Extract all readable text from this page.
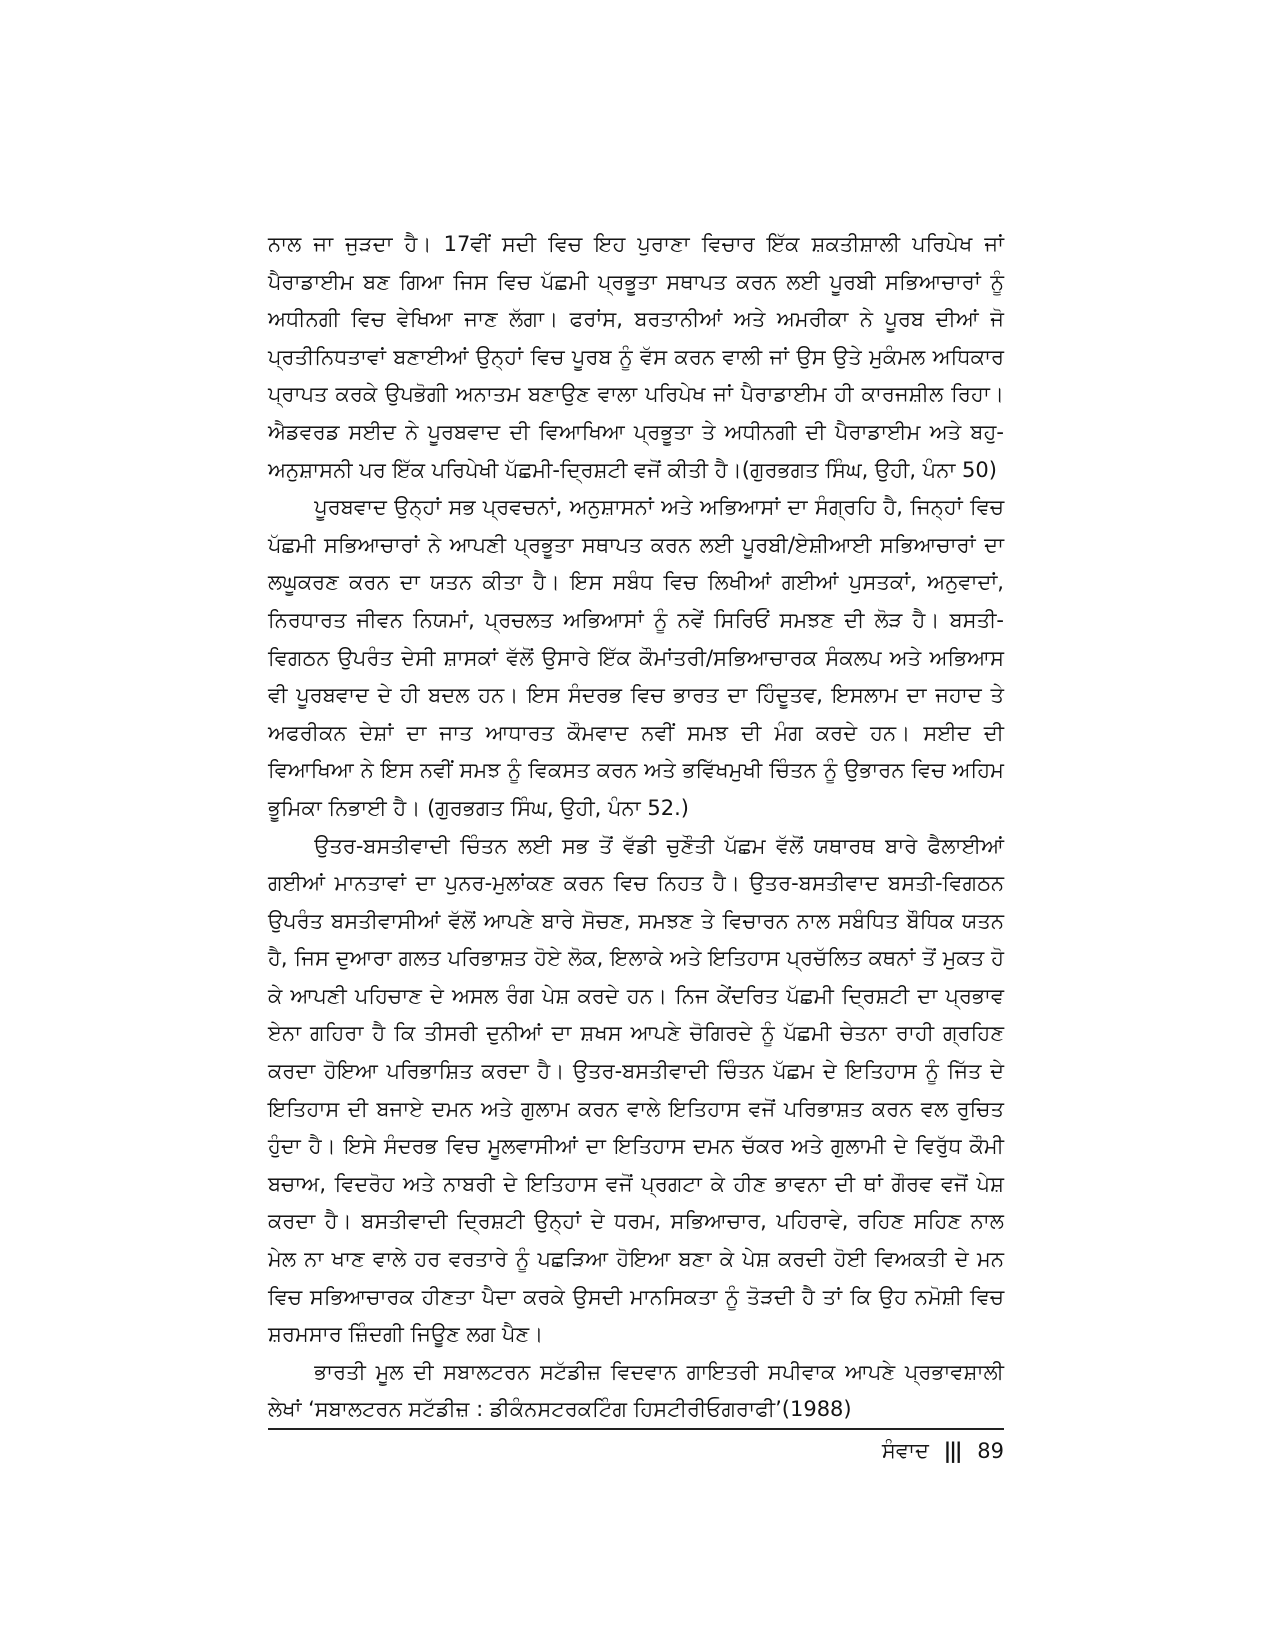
ਨਾਲ ਜਾ ਜੁੜਦਾ ਹੈ। 17ਵੀਂ ਸਦੀ ਵਿਚ ਇਹ ਪੁਰਾਣਾ ਵਿਚਾਰ ਇੱਕ ਸ਼ਕਤੀਸ਼ਾਲੀ ਪਰਿਪੇਖ ਜਾਂ ਪੈਰਾਡਾਈਮ ਬਣ ਗਿਆ ਜਿਸ ਵਿਚ ਪੱਛਮੀ ਪ੍ਰਭੂਤਾ ਸਥਾਪਤ ਕਰਨ ਲਈ ਪੂਰਬੀ ਸਭਿਆਚਾਰਾਂ ਨੂੰ ਅਧੀਨਗੀ ਵਿਚ ਵੇਖਿਆ ਜਾਣ ਲੱਗਾ। ਫਰਾਂਸ, ਬਰਤਾਨੀਆਂ ਅਤੇ ਅਮਰੀਕਾ ਨੇ ਪੂਰਬ ਦੀਆਂ ਜੋ ਪ੍ਰਤੀਨਿਧਤਾਵਾਂ ਬਣਾਈਆਂ ਉਨ੍ਹਾਂ ਵਿਚ ਪੂਰਬ ਨੂੰ ਵੱਸ ਕਰਨ ਵਾਲੀ ਜਾਂ ਉਸ ਉਤੇ ਮੁਕੰਮਲ ਅਧਿਕਾਰ ਪ੍ਰਾਪਤ ਕਰਕੇ ਉਪਭੋਗੀ ਅਨਾਤਮ ਬਣਾਉਣ ਵਾਲਾ ਪਰਿਪੇਖ ਜਾਂ ਪੈਰਾਡਾਈਮ ਹੀ ਕਾਰਜਸ਼ੀਲ ਰਿਹਾ। ਐਡਵਰਡ ਸਈਦ ਨੇ ਪੂਰਬਵਾਦ ਦੀ ਵਿਆਖਿਆ ਪ੍ਰਭੂਤਾ ਤੇ ਅਧੀਨਗੀ ਦੀ ਪੈਰਾਡਾਈਮ ਅਤੇ ਬਹੁ-ਅਨੁਸ਼ਾਸਨੀ ਪਰ ਇੱਕ ਪਰਿਪੇਖੀ ਪੱਛਮੀ-ਦ੍ਰਿਸ਼ਟੀ ਵਜੋਂ ਕੀਤੀ ਹੈ।(ਗੁਰਭਗਤ ਸਿੰਘ, ਉਹੀ, ਪੰਨਾ 50)

ਪੂਰਬਵਾਦ ਉਨ੍ਹਾਂ ਸਭ ਪ੍ਰਵਚਨਾਂ, ਅਨੁਸ਼ਾਸਨਾਂ ਅਤੇ ਅਭਿਆਸਾਂ ਦਾ ਸੰਗ੍ਰਹਿ ਹੈ, ਜਿਨ੍ਹਾਂ ਵਿਚ ਪੱਛਮੀ ਸਭਿਆਚਾਰਾਂ ਨੇ ਆਪਣੀ ਪ੍ਰਭੂਤਾ ਸਥਾਪਤ ਕਰਨ ਲਈ ਪੂਰਬੀ/ਏਸ਼ੀਆਈ ਸਭਿਆਚਾਰਾਂ ਦਾ ਲਘੂਕਰਣ ਕਰਨ ਦਾ ਯਤਨ ਕੀਤਾ ਹੈ। ਇਸ ਸਬੰਧ ਵਿਚ ਲਿਖੀਆਂ ਗਈਆਂ ਪੁਸਤਕਾਂ, ਅਨੁਵਾਦਾਂ, ਨਿਰਧਾਰਤ ਜੀਵਨ ਨਿਯਮਾਂ, ਪ੍ਰਚਲਤ ਅਭਿਆਸਾਂ ਨੂੰ ਨਵੇਂ ਸਿਰਿਓਂ ਸਮਝਣ ਦੀ ਲੋੜ ਹੈ। ਬਸਤੀ-ਵਿਗਠਨ ਉਪਰੰਤ ਦੇਸੀ ਸ਼ਾਸਕਾਂ ਵੱਲੋਂ ਉਸਾਰੇ ਇੱਕ ਕੌਮਾਂਤਰੀ/ਸਭਿਆਚਾਰਕ ਸੰਕਲਪ ਅਤੇ ਅਭਿਆਸ ਵੀ ਪੂਰਬਵਾਦ ਦੇ ਹੀ ਬਦਲ ਹਨ। ਇਸ ਸੰਦਰਭ ਵਿਚ ਭਾਰਤ ਦਾ ਹਿੰਦੂਤਵ, ਇਸਲਾਮ ਦਾ ਜਹਾਦ ਤੇ ਅਫਰੀਕਨ ਦੇਸ਼ਾਂ ਦਾ ਜਾਤ ਆਧਾਰਤ ਕੌਮਵਾਦ ਨਵੀਂ ਸਮਝ ਦੀ ਮੰਗ ਕਰਦੇ ਹਨ। ਸਈਦ ਦੀ ਵਿਆਖਿਆ ਨੇ ਇਸ ਨਵੀਂ ਸਮਝ ਨੂੰ ਵਿਕਸਤ ਕਰਨ ਅਤੇ ਭਵਿੱਖਮੁਖੀ ਚਿੰਤਨ ਨੂੰ ਉਭਾਰਨ ਵਿਚ ਅਹਿਮ ਭੂਮਿਕਾ ਨਿਭਾਈ ਹੈ। (ਗੁਰਭਗਤ ਸਿੰਘ, ਉਹੀ, ਪੰਨਾ 52.)

ਉਤਰ-ਬਸਤੀਵਾਦੀ ਚਿੰਤਨ ਲਈ ਸਭ ਤੋਂ ਵੱਡੀ ਚੁਣੌਤੀ ਪੱਛਮ ਵੱਲੋਂ ਯਥਾਰਥ ਬਾਰੇ ਫੈਲਾਈਆਂ ਗਈਆਂ ਮਾਨਤਾਵਾਂ ਦਾ ਪੁਨਰ-ਮੁਲਾਂਕਣ ਕਰਨ ਵਿਚ ਨਿਹਤ ਹੈ। ਉਤਰ-ਬਸਤੀਵਾਦ ਬਸਤੀ-ਵਿਗਠਨ ਉਪਰੰਤ ਬਸਤੀਵਾਸੀਆਂ ਵੱਲੋਂ ਆਪਣੇ ਬਾਰੇ ਸੋਚਣ, ਸਮਝਣ ਤੇ ਵਿਚਾਰਨ ਨਾਲ ਸਬੰਧਿਤ ਬੌਧਿਕ ਯਤਨ ਹੈ, ਜਿਸ ਦੁਆਰਾ ਗਲਤ ਪਰਿਭਾਸ਼ਤ ਹੋਏ ਲੋਕ, ਇਲਾਕੇ ਅਤੇ ਇਤਿਹਾਸ ਪ੍ਰਚੱਲਿਤ ਕਥਨਾਂ ਤੋਂ ਮੁਕਤ ਹੋ ਕੇ ਆਪਣੀ ਪਹਿਚਾਣ ਦੇ ਅਸਲ ਰੰਗ ਪੇਸ਼ ਕਰਦੇ ਹਨ। ਨਿਜ ਕੇਂਦਰਿਤ ਪੱਛਮੀ ਦ੍ਰਿਸ਼ਟੀ ਦਾ ਪ੍ਰਭਾਵ ਏਨਾ ਗਹਿਰਾ ਹੈ ਕਿ ਤੀਸਰੀ ਦੁਨੀਆਂ ਦਾ ਸ਼ਖਸ ਆਪਣੇ ਚੋਗਿਰਦੇ ਨੂੰ ਪੱਛਮੀ ਚੇਤਨਾ ਰਾਹੀ ਗ੍ਰਹਿਣ ਕਰਦਾ ਹੋਇਆ ਪਰਿਭਾਸ਼ਿਤ ਕਰਦਾ ਹੈ। ਉਤਰ-ਬਸਤੀਵਾਦੀ ਚਿੰਤਨ ਪੱਛਮ ਦੇ ਇਤਿਹਾਸ ਨੂੰ ਜਿੱਤ ਦੇ ਇਤਿਹਾਸ ਦੀ ਬਜਾਏ ਦਮਨ ਅਤੇ ਗੁਲਾਮ ਕਰਨ ਵਾਲੇ ਇਤਿਹਾਸ ਵਜੋਂ ਪਰਿਭਾਸ਼ਤ ਕਰਨ ਵਲ ਰੁਚਿਤ ਹੁੰਦਾ ਹੈ। ਇਸੇ ਸੰਦਰਭ ਵਿਚ ਮੂਲਵਾਸੀਆਂ ਦਾ ਇਤਿਹਾਸ ਦਮਨ ਚੱਕਰ ਅਤੇ ਗੁਲਾਮੀ ਦੇ ਵਿਰੁੱਧ ਕੌਮੀ ਬਚਾਅ, ਵਿਦਰੋਹ ਅਤੇ ਨਾਬਰੀ ਦੇ ਇਤਿਹਾਸ ਵਜੋਂ ਪ੍ਰਗਟਾ ਕੇ ਹੀਣ ਭਾਵਨਾ ਦੀ ਥਾਂ ਗੌਰਵ ਵਜੋਂ ਪੇਸ਼ ਕਰਦਾ ਹੈ। ਬਸਤੀਵਾਦੀ ਦ੍ਰਿਸ਼ਟੀ ਉਨ੍ਹਾਂ ਦੇ ਧਰਮ, ਸਭਿਆਚਾਰ, ਪਹਿਰਾਵੇ, ਰਹਿਣ ਸਹਿਣ ਨਾਲ ਮੇਲ ਨਾ ਖਾਣ ਵਾਲੇ ਹਰ ਵਰਤਾਰੇ ਨੂੰ ਪਛੜਿਆ ਹੋਇਆ ਬਣਾ ਕੇ ਪੇਸ਼ ਕਰਦੀ ਹੋਈ ਵਿਅਕਤੀ ਦੇ ਮਨ ਵਿਚ ਸਭਿਆਚਾਰਕ ਹੀਣਤਾ ਪੈਦਾ ਕਰਕੇ ਉਸਦੀ ਮਾਨਸਿਕਤਾ ਨੂੰ ਤੋੜਦੀ ਹੈ ਤਾਂ ਕਿ ਉਹ ਨਮੋਸ਼ੀ ਵਿਚ ਸ਼ਰਮਸਾਰ ਜ਼ਿੰਦਗੀ ਜਿਊਣ ਲਗ ਪੈਣ।

ਭਾਰਤੀ ਮੂਲ ਦੀ ਸਬਾਲਟਰਨ ਸਟੱਡੀਜ਼ ਵਿਦਵਾਨ ਗਾਇਤਰੀ ਸਪੀਵਾਕ ਆਪਣੇ ਪ੍ਰਭਾਵਸ਼ਾਲੀ ਲੇਖਾਂ ‘ਸਬਾਲਟਰਨ ਸਟੱਡੀਜ਼ : ਡੀਕੰਨਸਟਰਕਟਿੰਗ ਹਿਸਟੀਰੀਓਗਰਾਫੀ’(1988)

ਸੰਵਾਦ ||| 89
